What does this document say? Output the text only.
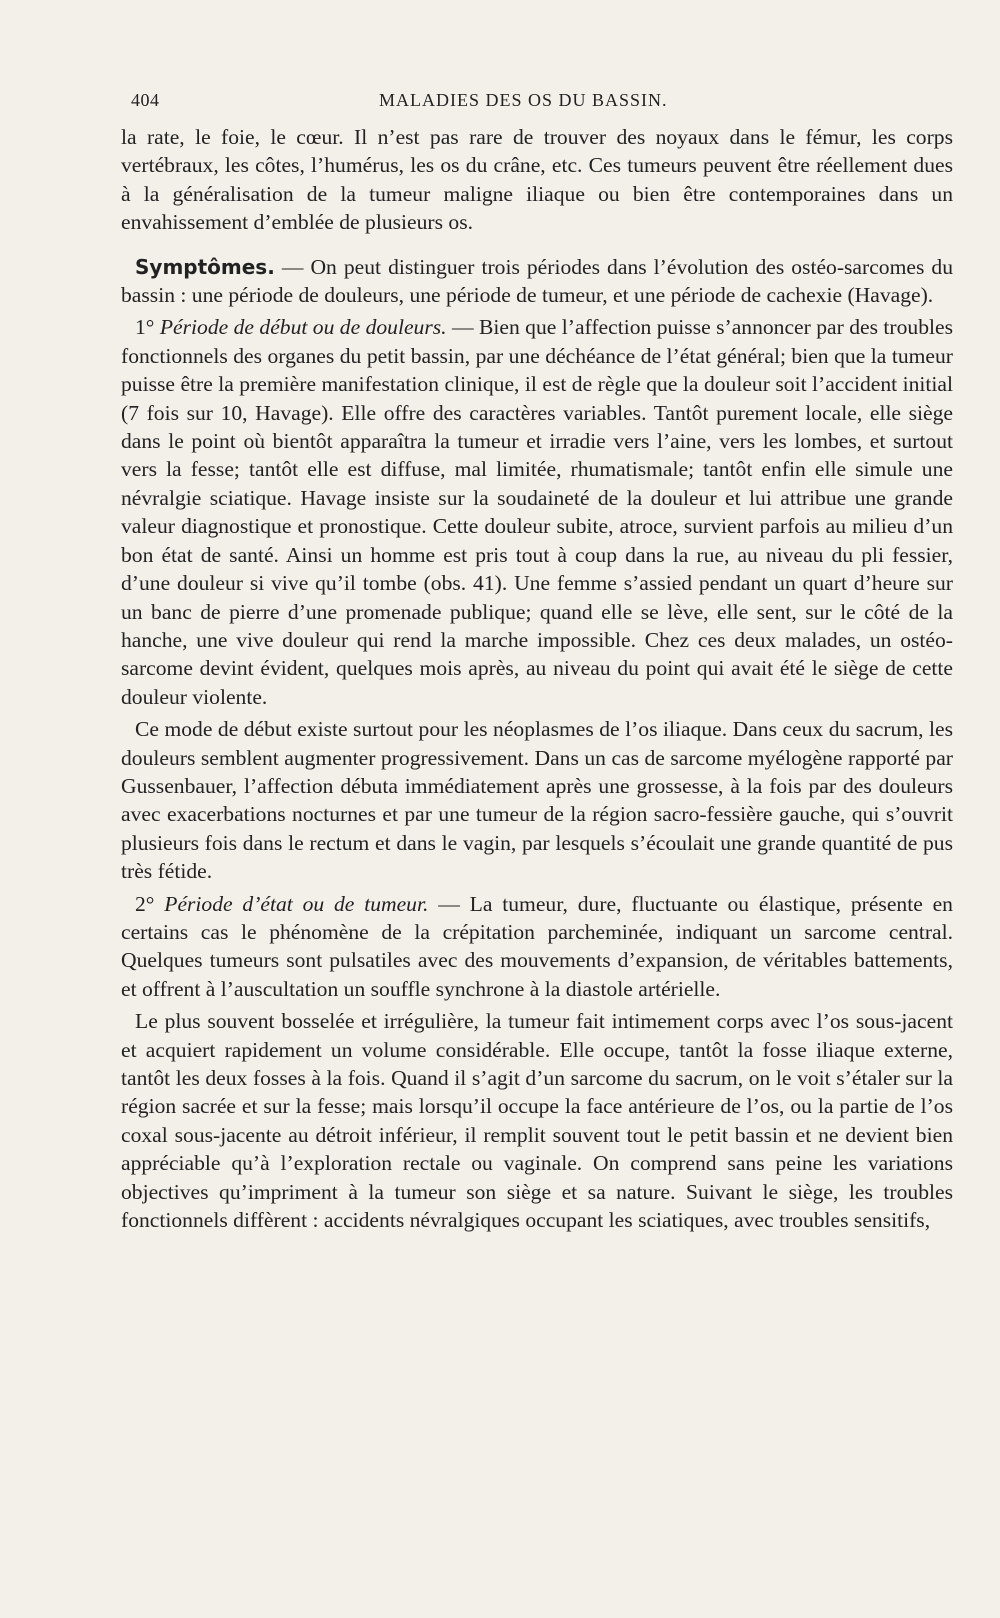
404	MALADIES DES OS DU BASSIN.

la rate, le foie, le cœur. Il n’est pas rare de trouver des noyaux dans le fémur, les corps vertébraux, les côtes, l’humérus, les os du crâne, etc. Ces tumeurs peuvent être réellement dues à la généralisation de la tumeur maligne iliaque ou bien être contemporaines dans un envahissement d’emblée de plusieurs os.

Symptômes. — On peut distinguer trois périodes dans l’évolution des ostéo-sarcomes du bassin : une période de douleurs, une période de tumeur, et une période de cachexie (Havage).

1° Période de début ou de douleurs. — Bien que l’affection puisse s’annoncer par des troubles fonctionnels des organes du petit bassin, par une déchéance de l’état général; bien que la tumeur puisse être la première manifestation clinique, il est de règle que la douleur soit l’accident initial (7 fois sur 10, Havage). Elle offre des caractères variables. Tantôt purement locale, elle siège dans le point où bientôt apparaîtra la tumeur et irradie vers l’aine, vers les lombes, et surtout vers la fesse; tantôt elle est diffuse, mal limitée, rhumatismale; tantôt enfin elle simule une névralgie sciatique. Havage insiste sur la soudaineté de la douleur et lui attribue une grande valeur diagnostique et pronostique. Cette douleur subite, atroce, survient parfois au milieu d’un bon état de santé. Ainsi un homme est pris tout à coup dans la rue, au niveau du pli fessier, d’une douleur si vive qu’il tombe (obs. 41). Une femme s’assied pendant un quart d’heure sur un banc de pierre d’une promenade publique; quand elle se lève, elle sent, sur le côté de la hanche, une vive douleur qui rend la marche impossible. Chez ces deux malades, un ostéo-sarcome devint évident, quelques mois après, au niveau du point qui avait été le siège de cette douleur violente.

Ce mode de début existe surtout pour les néoplasmes de l’os iliaque. Dans ceux du sacrum, les douleurs semblent augmenter progressivement. Dans un cas de sarcome myélogène rapporté par Gussenbauer, l’affection débuta immédiatement après une grossesse, à la fois par des douleurs avec exacerbations nocturnes et par une tumeur de la région sacro-fessière gauche, qui s’ouvrit plusieurs fois dans le rectum et dans le vagin, par lesquels s’écoulait une grande quantité de pus très fétide.

2° Période d’état ou de tumeur. — La tumeur, dure, fluctuante ou élastique, présente en certains cas le phénomène de la crépitation parcheminée, indiquant un sarcome central. Quelques tumeurs sont pulsatiles avec des mouvements d’expansion, de véritables battements, et offrent à l’auscultation un souffle synchrone à la diastole artérielle.

Le plus souvent bosselée et irrégulière, la tumeur fait intimement corps avec l’os sous-jacent et acquiert rapidement un volume considérable. Elle occupe, tantôt la fosse iliaque externe, tantôt les deux fosses à la fois. Quand il s’agit d’un sarcome du sacrum, on le voit s’étaler sur la région sacrée et sur la fesse; mais lorsqu’il occupe la face antérieure de l’os, ou la partie de l’os coxal sous-jacente au détroit inférieur, il remplit souvent tout le petit bassin et ne devient bien appréciable qu’à l’exploration rectale ou vaginale. On comprend sans peine les variations objectives qu’impriment à la tumeur son siège et sa nature. Suivant le siège, les troubles fonctionnels diffèrent : accidents névralgiques occupant les sciatiques, avec troubles sensitifs,
